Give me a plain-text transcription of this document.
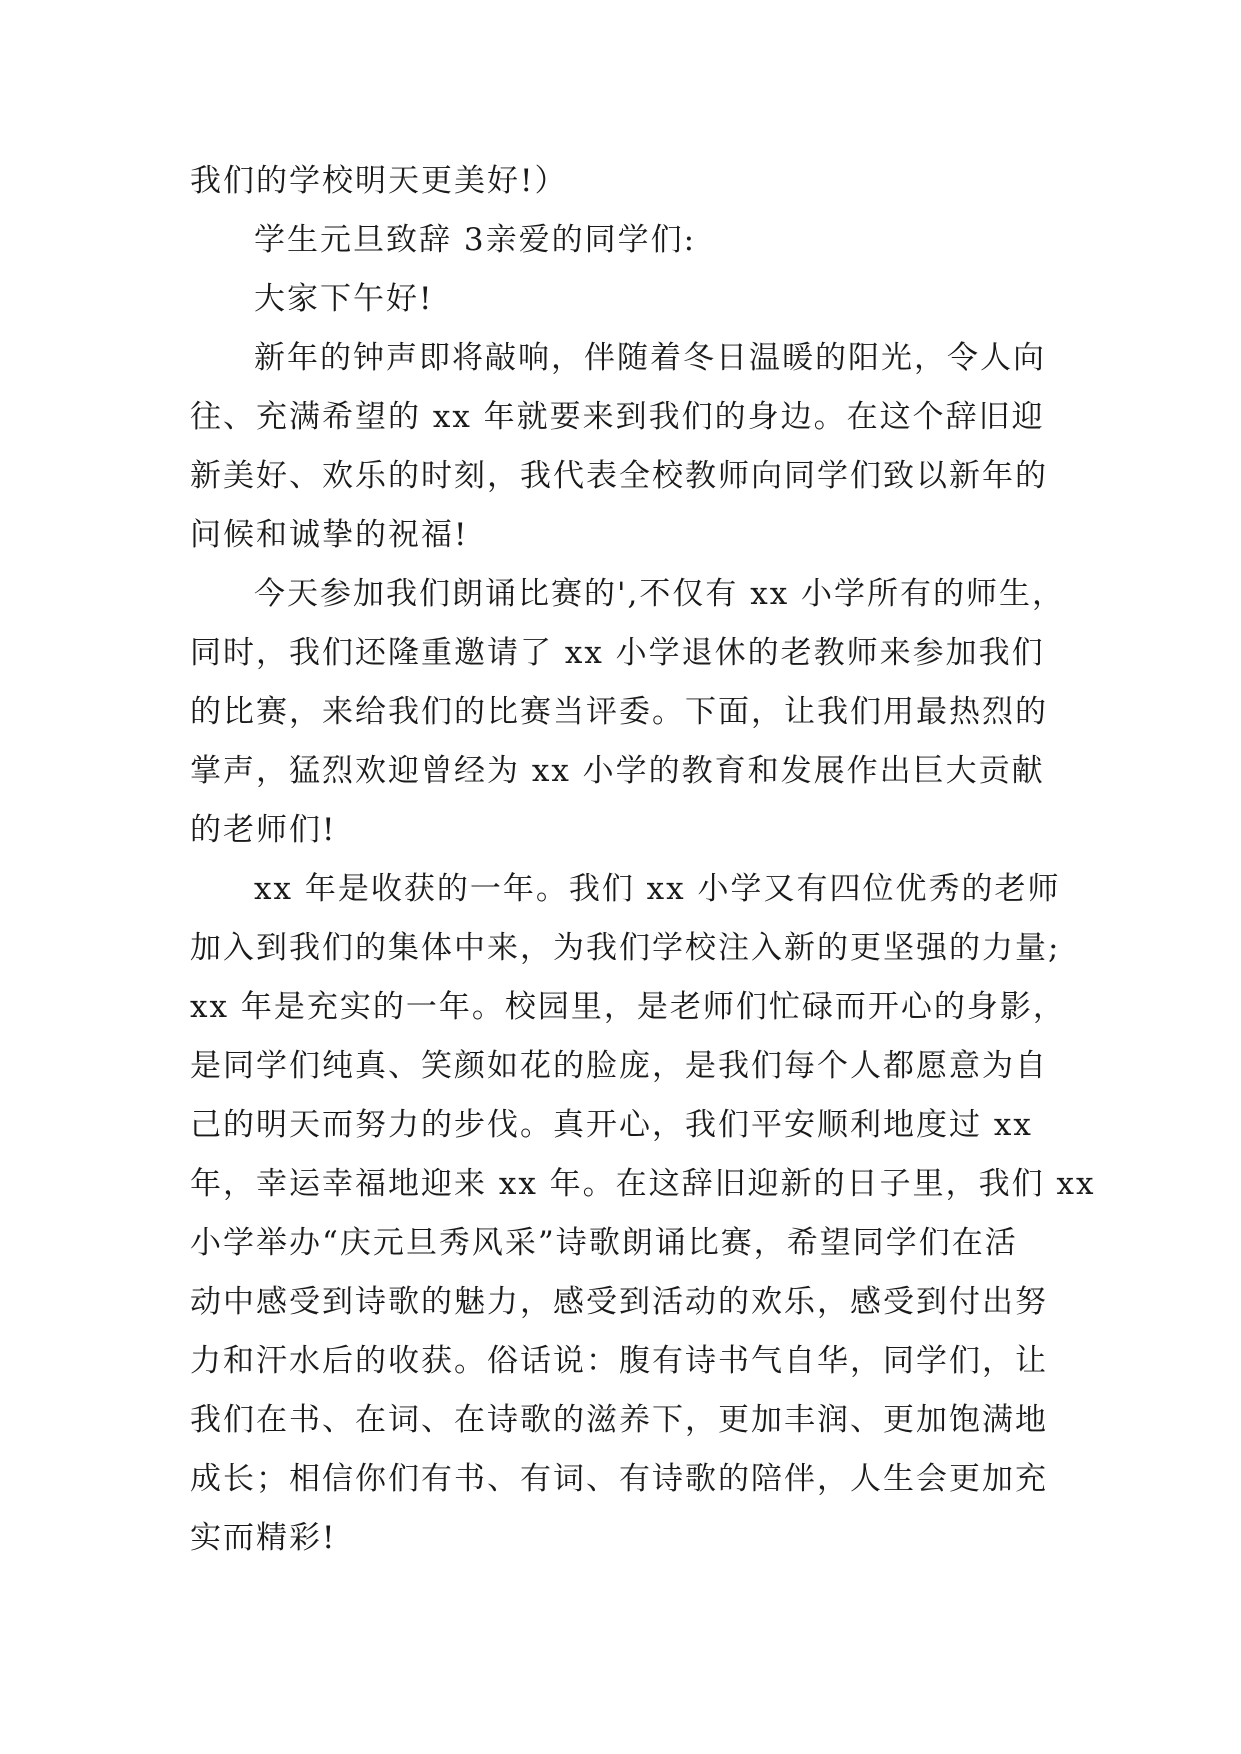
我们的学校明天更美好!）
学生元旦致辞 3亲爱的同学们:
大家下午好!
新年的钟声即将敲响，伴随着冬日温暖的阳光，令人向
往、充满希望的 xx 年就要来到我们的身边。在这个辞旧迎
新美好、欢乐的时刻，我代表全校教师向同学们致以新年的
问候和诚挚的祝福!
今天参加我们朗诵比赛的',不仅有 xx 小学所有的师生，
同时，我们还隆重邀请了 xx 小学退休的老教师来参加我们
的比赛，来给我们的比赛当评委。下面，让我们用最热烈的
掌声，猛烈欢迎曾经为 xx 小学的教育和发展作出巨大贡献
的老师们!
xx 年是收获的一年。我们 xx 小学又有四位优秀的老师
加入到我们的集体中来，为我们学校注入新的更坚强的力量;
xx 年是充实的一年。校园里，是老师们忙碌而开心的身影，
是同学们纯真、笑颜如花的脸庞，是我们每个人都愿意为自
己的明天而努力的步伐。真开心，我们平安顺利地度过 xx
年，幸运幸福地迎来 xx 年。在这辞旧迎新的日子里，我们 xx
小学举办“庆元旦秀风采”诗歌朗诵比赛，希望同学们在活
动中感受到诗歌的魅力，感受到活动的欢乐，感受到付出努
力和汗水后的收获。俗话说：腹有诗书气自华，同学们，让
我们在书、在词、在诗歌的滋养下，更加丰润、更加饱满地
成长；相信你们有书、有词、有诗歌的陪伴，人生会更加充
实而精彩!
